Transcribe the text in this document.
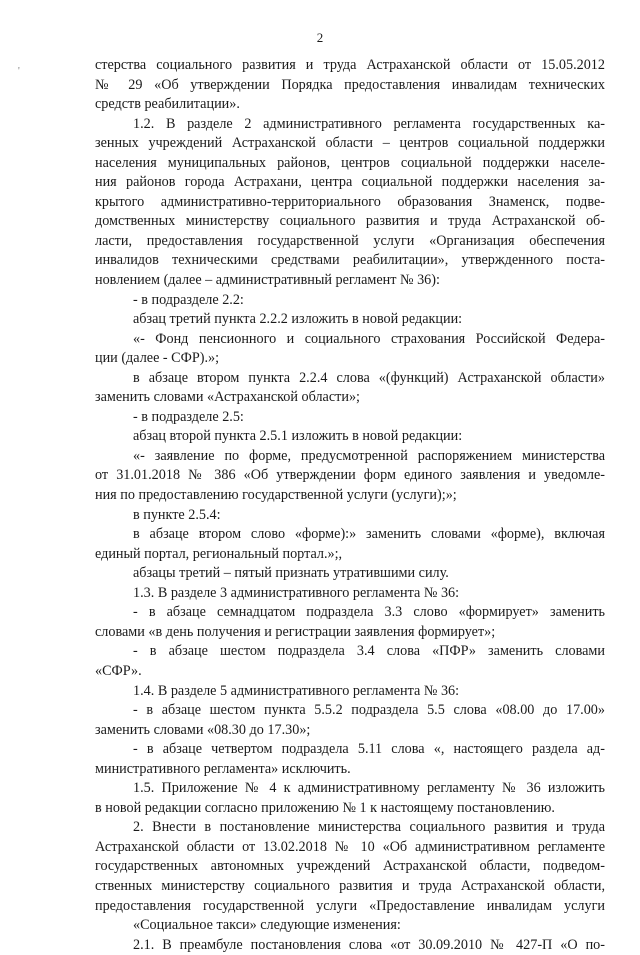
2
'	стерства социального развития и труда Астраханской области от 15.05.2012
№ 29 «Об утверждении Порядка предоставления инвалидам технических
средств реабилитации».
1.2. В разделе 2 административного регламента государственных ка-
зенных учреждений Астраханской области – центров социальной поддержки
населения муниципальных районов, центров социальной поддержки населе-
ния районов города Астрахани, центра социальной поддержки населения за-
крытого административно-территориального образования Знаменск, подве-
домственных министерству социального развития и труда Астраханской об-
ласти, предоставления государственной услуги «Организация обеспечения
инвалидов техническими средствами реабилитации», утвержденного поста-
новлением (далее – административный регламент № 36):
- в подразделе 2.2:
абзац третий пункта 2.2.2 изложить в новой редакции:
«- Фонд пенсионного и социального страхования Российской Федера-
ции (далее - СФР).»;
в абзаце втором пункта 2.2.4 слова «(функций) Астраханской области»
заменить словами «Астраханской области»;
- в подразделе 2.5:
абзац второй пункта 2.5.1 изложить в новой редакции:
«- заявление по форме, предусмотренной распоряжением министерства
от 31.01.2018 № 386 «Об утверждении форм единого заявления и уведомле-
ния по предоставлению государственной услуги (услуги);»;
в пункте 2.5.4:
в абзаце втором слово «форме):» заменить словами «форме), включая
единый портал, региональный портал.»;,
абзацы третий – пятый признать утратившими силу.
1.3. В разделе 3 административного регламента № 36:
- в абзаце семнадцатом подраздела 3.3 слово «формирует» заменить
словами «в день получения и регистрации заявления формирует»;
- в абзаце шестом подраздела 3.4 слова «ПФР» заменить словами
«СФР».
1.4. В разделе 5 административного регламента № 36:
- в абзаце шестом пункта 5.5.2 подраздела 5.5 слова «08.00 до 17.00»
заменить словами «08.30 до 17.30»;
- в абзаце четвертом подраздела 5.11 слова «, настоящего раздела ад-
министративного регламента» исключить.
1.5. Приложение № 4 к административному регламенту № 36 изложить
в новой редакции согласно приложению № 1 к настоящему постановлению.
2. Внести в постановление министерства социального развития и труда
Астраханской области от 13.02.2018 № 10 «Об административном регламенте
государственных автономных учреждений Астраханской области, подведом-
ственных министерству социального развития и труда Астраханской области,
предоставления государственной услуги «Предоставление инвалидам услуги
«Социальное такси» следующие изменения:
2.1. В преамбуле постановления слова «от 30.09.2010 № 427-П «О по-
